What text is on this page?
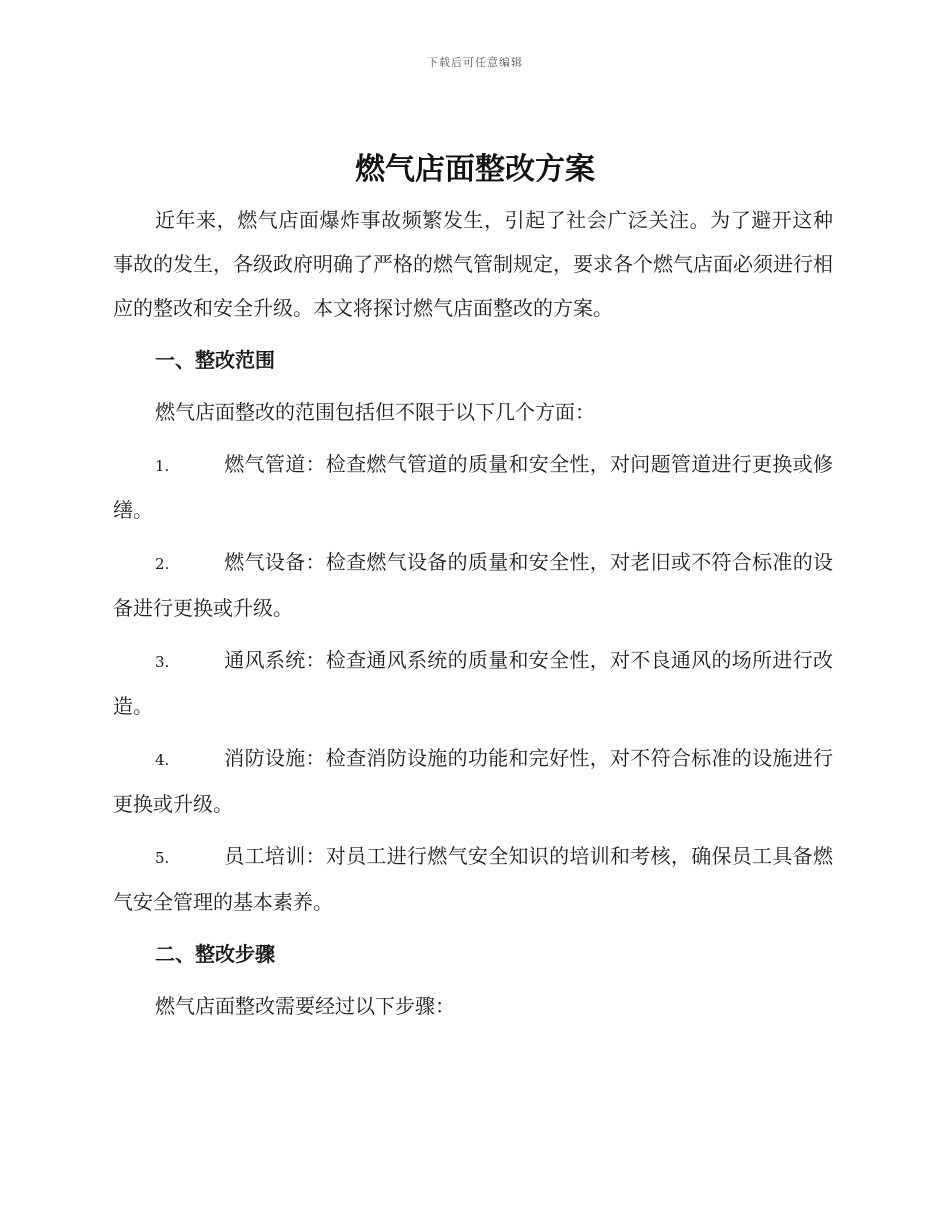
下载后可任意编辑
燃气店面整改方案

近年来，燃气店面爆炸事故频繁发生，引起了社会广泛关注。为了避开这种事故的发生，各级政府明确了严格的燃气管制规定，要求各个燃气店面必须进行相应的整改和安全升级。本文将探讨燃气店面整改的方案。

一、整改范围

燃气店面整改的范围包括但不限于以下几个方面：

1.	燃气管道：检查燃气管道的质量和安全性，对问题管道进行更换或修缮。

2.	燃气设备：检查燃气设备的质量和安全性，对老旧或不符合标准的设备进行更换或升级。

3.	通风系统：检查通风系统的质量和安全性，对不良通风的场所进行改造。

4.	消防设施：检查消防设施的功能和完好性，对不符合标准的设施进行更换或升级。

5.	员工培训：对员工进行燃气安全知识的培训和考核，确保员工具备燃气安全管理的基本素养。

二、整改步骤

燃气店面整改需要经过以下步骤：
